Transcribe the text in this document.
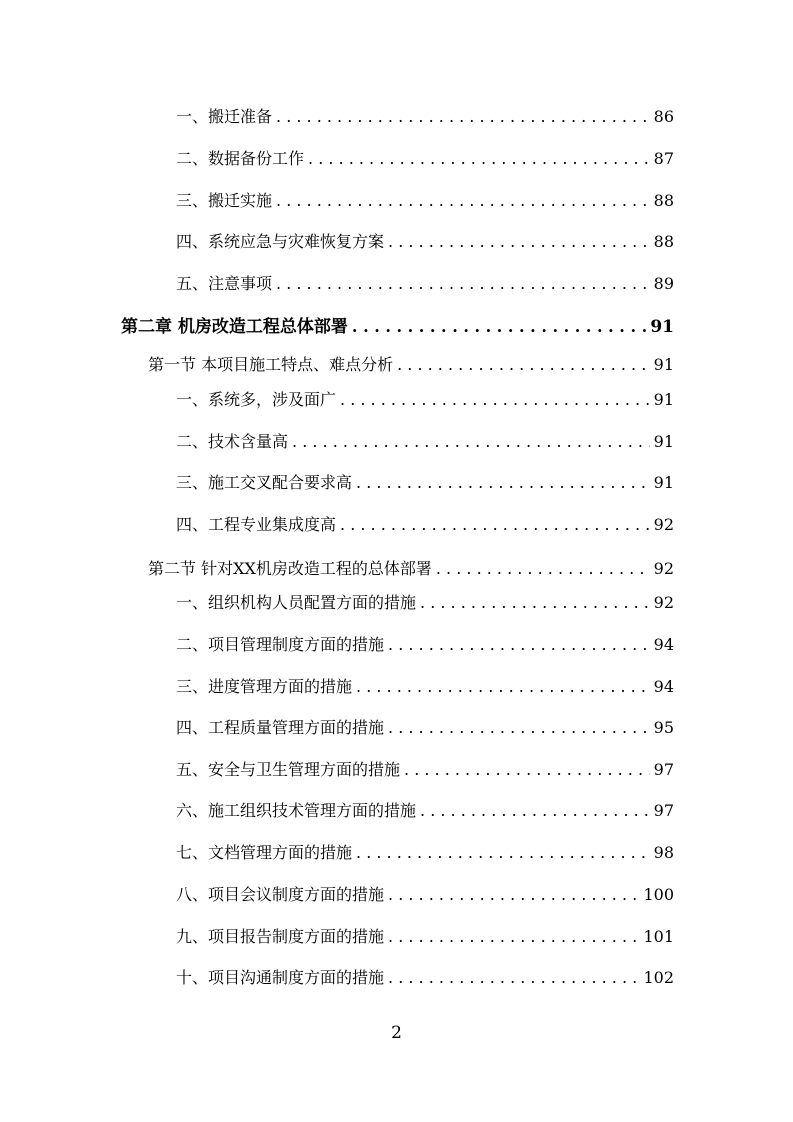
一、搬迁准备 . . .	86
二、数据备份工作 . . .	87
三、搬迁实施 . . .	88
四、系统应急与灾难恢复方案 . . .	88
五、注意事项 . . .	89
第二章 机房改造工程总体部署 . . .	91
第一节 本项目施工特点、难点分析 . . .	91
一、系统多，涉及面广 . . .	91
二、技术含量高 . . .	91
三、施工交叉配合要求高 . . .	91
四、工程专业集成度高 . . .	92
第二节 针对XX机房改造工程的总体部署 . . .	92
一、组织机构人员配置方面的措施 . . .	92
二、项目管理制度方面的措施 . . .	94
三、进度管理方面的措施 . . .	94
四、工程质量管理方面的措施 . . .	95
五、安全与卫生管理方面的措施 . . .	97
六、施工组织技术管理方面的措施 . . .	97
七、文档管理方面的措施 . . .	98
八、项目会议制度方面的措施 . . .	100
九、项目报告制度方面的措施 . . .	101
十、项目沟通制度方面的措施 . . .	102
2
